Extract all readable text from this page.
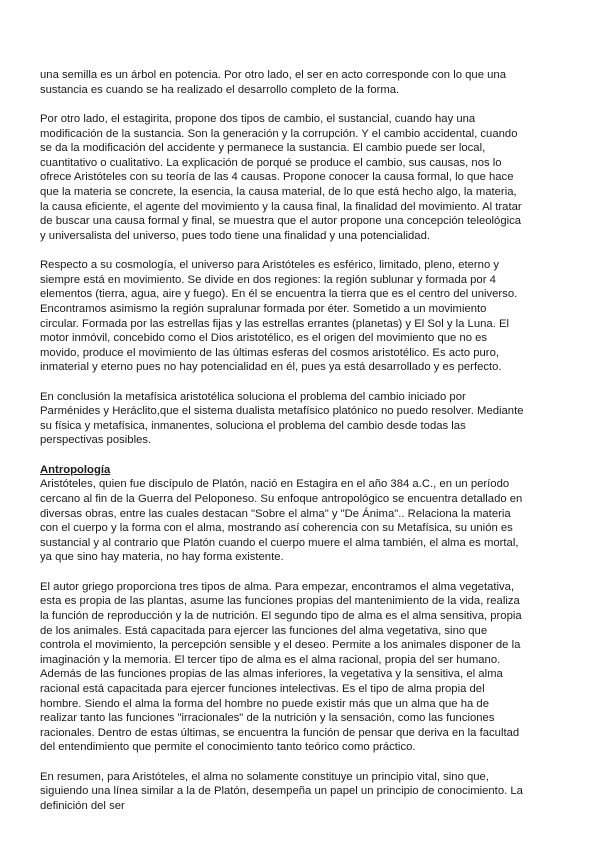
una semilla es un árbol en potencia. Por otro lado, el ser en acto corresponde con lo que una sustancia es cuando se ha realizado el desarrollo completo de la forma.

Por otro lado, el estagirita, propone dos tipos de cambio, el sustancial, cuando hay una modificación de la sustancia. Son la generación y la corrupción. Y el cambio accidental, cuando se da la modificación del accidente y permanece la sustancia. El cambio puede ser local, cuantitativo o cualitativo. La explicación de porqué se produce el cambio, sus causas, nos lo ofrece Aristóteles con su teoría de las 4 causas. Propone conocer la causa formal, lo que hace que la materia se concrete, la esencia, la causa material, de lo que está hecho algo, la materia, la causa eficiente, el agente del movimiento y la causa final, la finalidad del movimiento. Al tratar de buscar una causa formal y final, se muestra que el autor propone una concepción teleológica y universalista del universo, pues todo tiene una finalidad y una potencialidad.

Respecto a su cosmología, el universo para Aristóteles es esférico, limitado, pleno, eterno y siempre está en movimiento. Se divide en dos regiones: la región sublunar y formada por 4 elementos (tierra, agua, aire y fuego). En él se encuentra la tierra que es el centro del universo. Encontramos asimismo la región supralunar formada por éter. Sometido a un movimiento circular. Formada por las estrellas fijas y las estrellas errantes (planetas) y El Sol y la Luna. El motor inmóvil, concebido como el Dios aristotélico, es el origen del movimiento que no es movido, produce el movimiento de las últimas esferas del cosmos aristotélico. Es acto puro, inmaterial y eterno pues no hay potencialidad en él, pues ya está desarrollado y es perfecto.

En conclusión la metafísica aristotélica soluciona el problema del cambio iniciado por Parménides y Heráclito,que el sistema dualista metafísico platónico no puedo resolver. Mediante su física y metafísica, inmanentes, soluciona el problema del cambio desde todas las perspectivas posibles.

Antropología

Aristóteles, quien fue discípulo de Platón, nació en Estagira en el año 384 a.C., en un período cercano al fin de la Guerra del Peloponeso. Su enfoque antropológico se encuentra detallado en diversas obras, entre las cuales destacan "Sobre el alma" y "De Ánima".. Relaciona la materia con el cuerpo y la forma con el alma, mostrando así coherencia con su Metafísica, su unión es sustancial y al contrario que Platón cuando el cuerpo muere el alma también, el alma es mortal, ya que sino hay materia, no hay forma existente.

El autor griego proporciona tres tipos de alma. Para empezar, encontramos el alma vegetativa, esta es propia de las plantas, asume las funciones propias del mantenimiento de la vida, realiza la función de reproducción y la de nutrición. El segundo tipo de alma es el alma sensitiva, propia de los animales. Está capacitada para ejercer las funciones del alma vegetativa, sino que controla el movimiento, la percepción sensible y el deseo. Permite a los animales disponer de la imaginación y la memoria. El tercer tipo de alma es el alma racional, propia del ser humano. Además de las funciones propias de las almas inferiores, la vegetativa y la sensitiva, el alma racional está capacitada para ejercer funciones intelectivas. Es el tipo de alma propia del hombre. Siendo el alma la forma del hombre no puede existir más que un alma que ha de realizar tanto las funciones "irracionales" de la nutrición y la sensación, como las funciones racionales. Dentro de estas últimas, se encuentra la función de pensar que deriva en la facultad del entendimiento que permite el conocimiento tanto teórico como práctico.

En resumen, para Aristóteles, el alma no solamente constituye un principio vital, sino que, siguiendo una línea similar a la de Platón, desempeña un papel un principio de conocimiento. La definición del ser
